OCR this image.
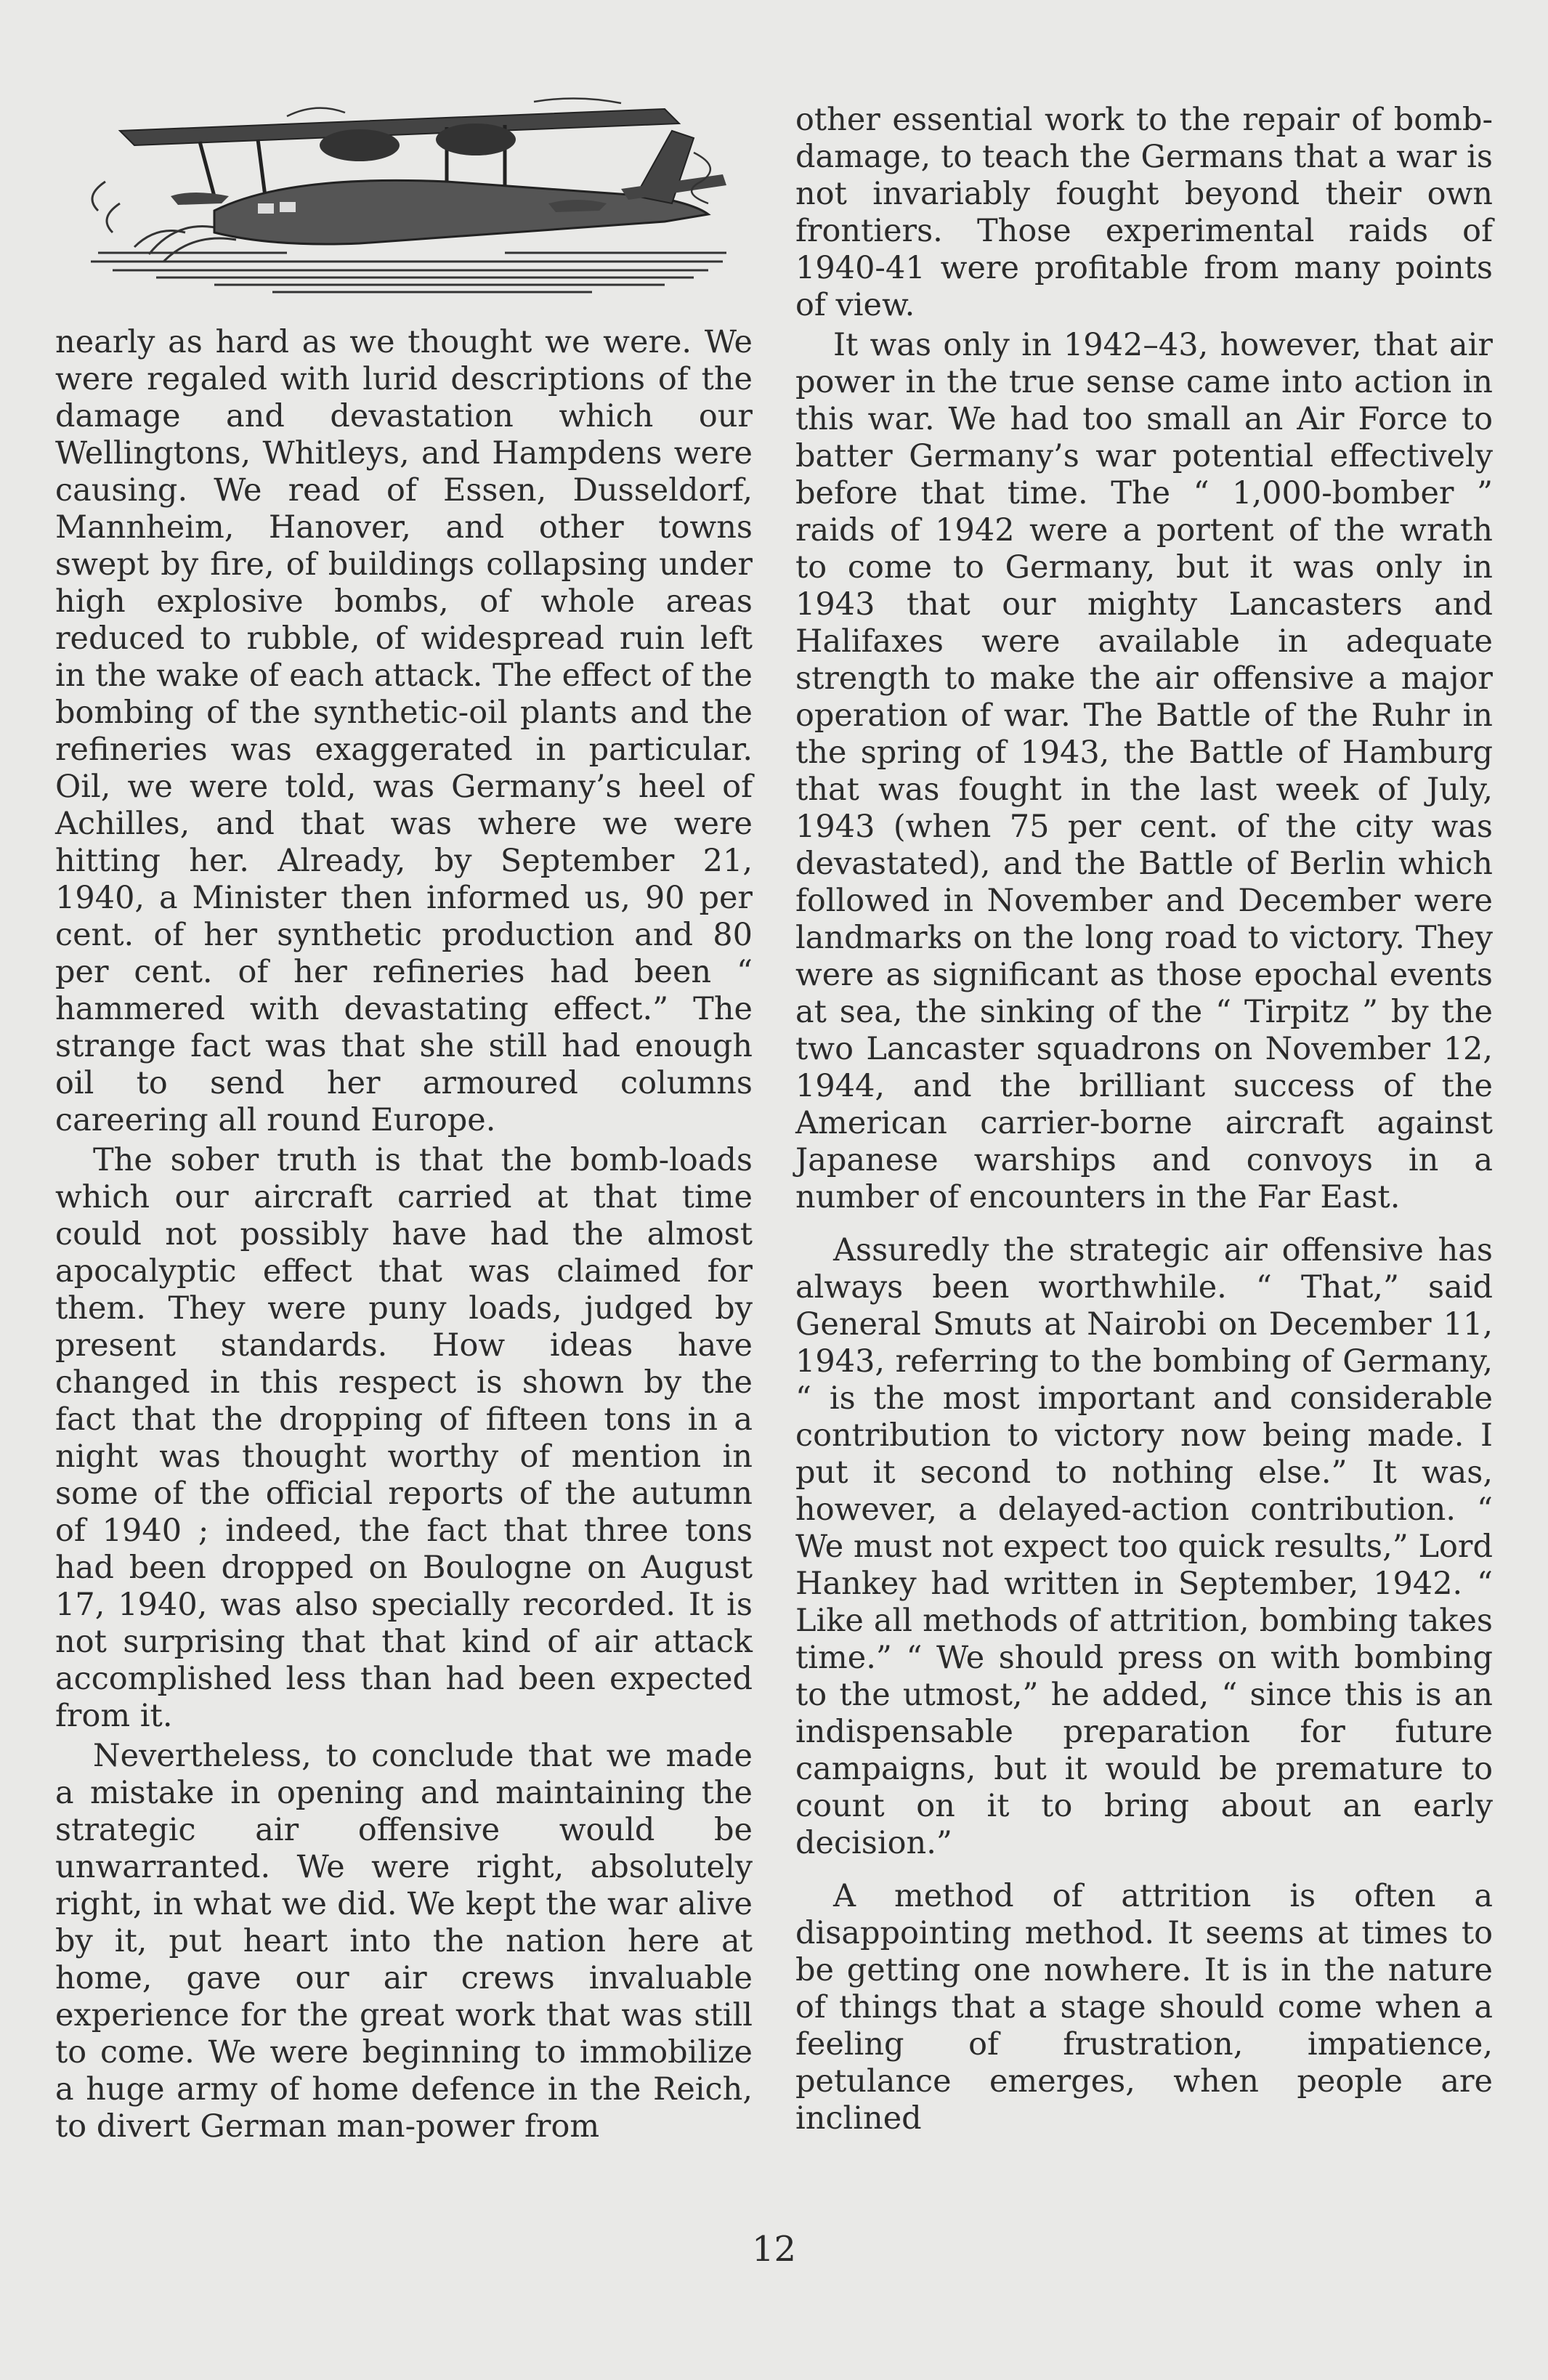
nearly as hard as we thought we were. We were regaled with lurid descriptions of the damage and devastation which our Wellingtons, Whitleys, and Hampdens were causing. We read of Essen, Dusseldorf, Mannheim, Hanover, and other towns swept by fire, of buildings collapsing under high explosive bombs, of whole areas reduced to rubble, of widespread ruin left in the wake of each attack. The effect of the bombing of the synthetic-oil plants and the refineries was exaggerated in particular. Oil, we were told, was Germany’s heel of Achilles, and that was where we were hitting her. Already, by September 21, 1940, a Minister then informed us, 90 per cent. of her synthetic production and 80 per cent. of her refineries had been “ hammered with devastating effect.” The strange fact was that she still had enough oil to send her armoured columns careering all round Europe.

The sober truth is that the bomb-loads which our aircraft carried at that time could not possibly have had the almost apocalyptic effect that was claimed for them. They were puny loads, judged by present standards. How ideas have changed in this respect is shown by the fact that the dropping of fifteen tons in a night was thought worthy of mention in some of the official reports of the autumn of 1940 ; indeed, the fact that three tons had been dropped on Boulogne on August 17, 1940, was also specially recorded. It is not surprising that that kind of air attack accomplished less than had been expected from it.

Nevertheless, to conclude that we made a mistake in opening and maintaining the strategic air offensive would be unwarranted. We were right, absolutely right, in what we did. We kept the war alive by it, put heart into the nation here at home, gave our air crews invaluable experience for the great work that was still to come. We were beginning to immobilize a huge army of home defence in the Reich, to divert German man-power from

other essential work to the repair of bomb-damage, to teach the Germans that a war is not invariably fought beyond their own frontiers. Those experimental raids of 1940-41 were profitable from many points of view.

It was only in 1942–43, however, that air power in the true sense came into action in this war. We had too small an Air Force to batter Germany’s war potential effectively before that time. The “ 1,000-bomber ” raids of 1942 were a portent of the wrath to come to Germany, but it was only in 1943 that our mighty Lancasters and Halifaxes were available in adequate strength to make the air offensive a major operation of war. The Battle of the Ruhr in the spring of 1943, the Battle of Hamburg that was fought in the last week of July, 1943 (when 75 per cent. of the city was devastated), and the Battle of Berlin which followed in November and December were landmarks on the long road to victory. They were as significant as those epochal events at sea, the sinking of the “ Tirpitz ” by the two Lancaster squadrons on November 12, 1944, and the brilliant success of the American carrier-borne aircraft against Japanese warships and convoys in a number of encounters in the Far East.

Assuredly the strategic air offensive has always been worthwhile. “ That,” said General Smuts at Nairobi on December 11, 1943, referring to the bombing of Germany, “ is the most important and considerable contribution to victory now being made. I put it second to nothing else.” It was, however, a delayed-action contribution. “ We must not expect too quick results,” Lord Hankey had written in September, 1942. “ Like all methods of attrition, bombing takes time.” “ We should press on with bombing to the utmost,” he added, “ since this is an indispensable preparation for future campaigns, but it would be premature to count on it to bring about an early decision.”

A method of attrition is often a disappointing method. It seems at times to be getting one nowhere. It is in the nature of things that a stage should come when a feeling of frustration, impatience, petulance emerges, when people are inclined

12
